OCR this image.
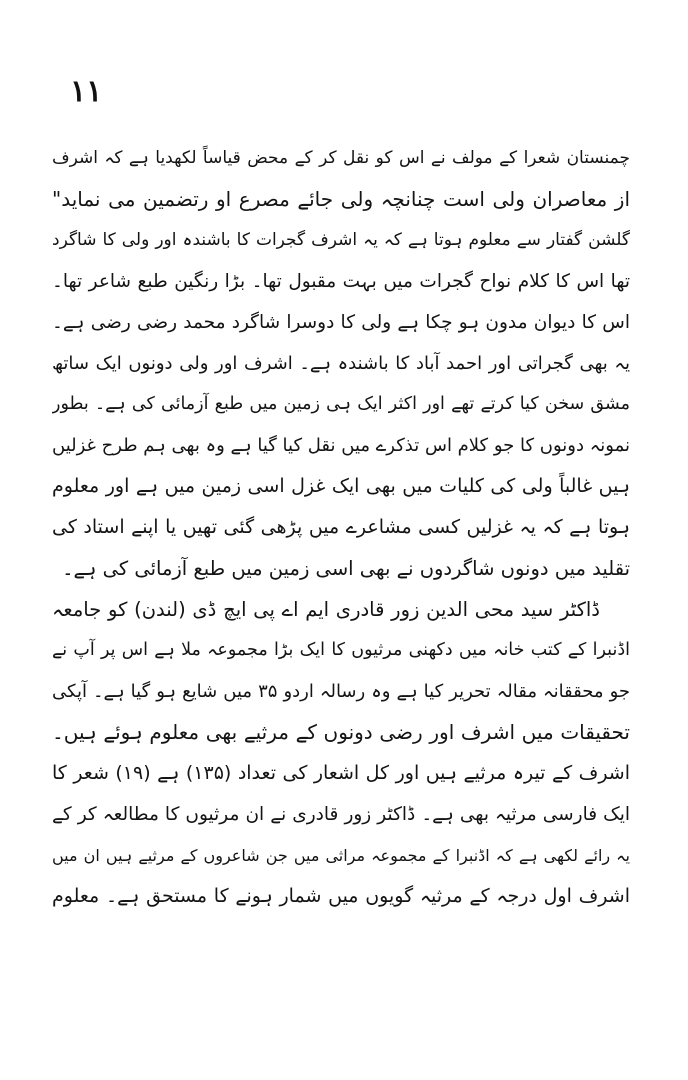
۱۱
چمنستان شعرا کے مولف نے اس کو نقل کر کے محض قیاساً لکھدیا ہے کہ اشرف
از معاصران ولی است چنانچہ ولی جائے مصرع او رتضمین می نماید"
گلشن گفتار سے معلوم ہوتا ہے کہ یہ اشرف گجرات کا باشندہ اور ولی کا شاگرد
تھا اس کا کلام نواح گجرات میں بہت مقبول تھا۔ بڑا رنگین طبع شاعر تھا۔
اس کا دیوان مدون ہو چکا ہے ولی کا دوسرا شاگرد محمد رضی رضی ہے۔
یہ بھی گجراتی اور احمد آباد کا باشندہ ہے۔ اشرف اور ولی دونوں ایک ساتھ
مشق سخن کیا کرتے تھے اور اکثر ایک ہی زمین میں طبع آزمائی کی ہے۔ بطور
نمونہ دونوں کا جو کلام اس تذکرے میں نقل کیا گیا ہے وہ بھی ہم طرح غزلیں
ہیں غالباً ولی کی کلیات میں بھی ایک غزل اسی زمین میں ہے اور معلوم
ہوتا ہے کہ یہ غزلیں کسی مشاعرے میں پڑھی گئی تھیں یا اپنے استاد کی
تقلید میں دونوں شاگردوں نے بھی اسی زمین میں طبع آزمائی کی ہے۔
ڈاکٹر سید محی الدین زور قادری ایم اے پی ایچ ڈی (لندن) کو جامعہ
اڈنبرا کے کتب خانہ میں دکھنی مرثیوں کا ایک بڑا مجموعہ ملا ہے اس پر آپ نے
جو محققانہ مقالہ تحریر کیا ہے وہ رسالہ اردو ۳۵ میں شایع ہو گیا ہے۔ آپکی
تحقیقات میں اشرف اور رضی دونوں کے مرثیے بھی معلوم ہوئے ہیں۔
اشرف کے تیرہ مرثیے ہیں اور کل اشعار کی تعداد (۱۳۵) ہے (۱۹) شعر کا
ایک فارسی مرثیہ بھی ہے۔ ڈاکٹر زور قادری نے ان مرثیوں کا مطالعہ کر کے
یہ رائے لکھی ہے کہ اڈنبرا کے مجموعہ مراثی میں جن شاعروں کے مرثیے ہیں ان میں
اشرف اول درجہ کے مرثیہ گویوں میں شمار ہونے کا مستحق ہے۔ معلوم
